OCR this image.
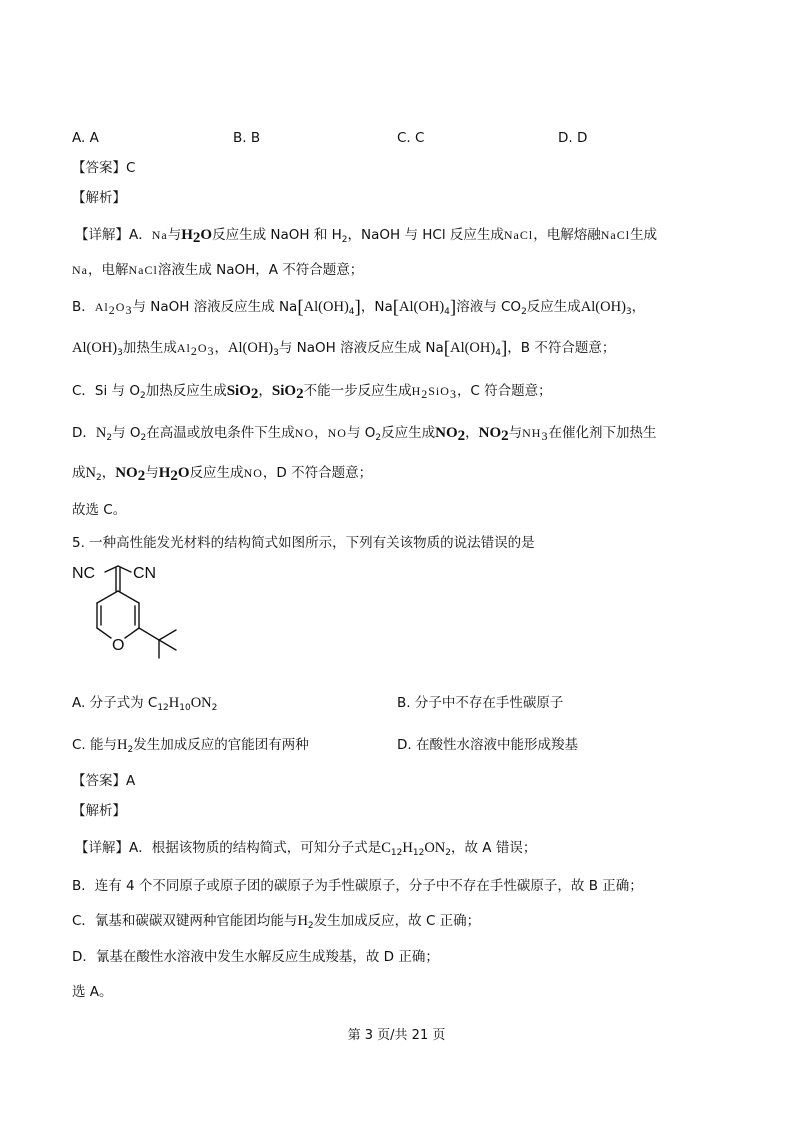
A. A	B. B	C. C	D. D
【答案】C
【解析】
【详解】A．Na与$H_2O$反应生成 NaOH 和 $H_2$，NaOH 与 HCl 反应生成NaCl，电解熔融NaCl生成
Na，电解NaCl溶液生成 NaOH，A 不符合题意；
B．$Al_2O_3$与 NaOH 溶液反应生成 $Na[Al(OH)_4]$，$Na[Al(OH)_4]$溶液与 $CO_2$反应生成$Al(OH)_3$，
$Al(OH)_3$加热生成$Al_2O_3$，$Al(OH)_3$与 NaOH 溶液反应生成 $Na[Al(OH)_4]$，B 不符合题意；
C．Si 与 $O_2$加热反应生成SiO$_2$，SiO$_2$不能一步反应生成$H_2SiO_3$，C 符合题意；
D．$N_2$与 $O_2$在高温或放电条件下生成NO，NO与 $O_2$反应生成$NO_2$，$NO_2$与$NH_3$在催化剂下加热生
成$N_2$，$NO_2$与$H_2O$反应生成NO，D 不符合题意；
故选 C。
5. 一种高性能发光材料的结构简式如图所示，下列有关该物质的说法错误的是
NC CN
O
A. 分子式为 $C_{12}H_{10}ON_2$	B. 分子中不存在手性碳原子
C. 能与$H_2$发生加成反应的官能团有两种	D. 在酸性水溶液中能形成羧基
【答案】A
【解析】
【详解】A．根据该物质的结构简式，可知分子式是$C_{12}H_{12}ON_2$，故 A 错误；
B．连有 4 个不同原子或原子团的碳原子为手性碳原子，分子中不存在手性碳原子，故 B 正确；
C．氰基和碳碳双键两种官能团均能与$H_2$发生加成反应，故 C 正确；
D．氰基在酸性水溶液中发生水解反应生成羧基，故 D 正确；
选 A。
第 3 页/共 21 页
